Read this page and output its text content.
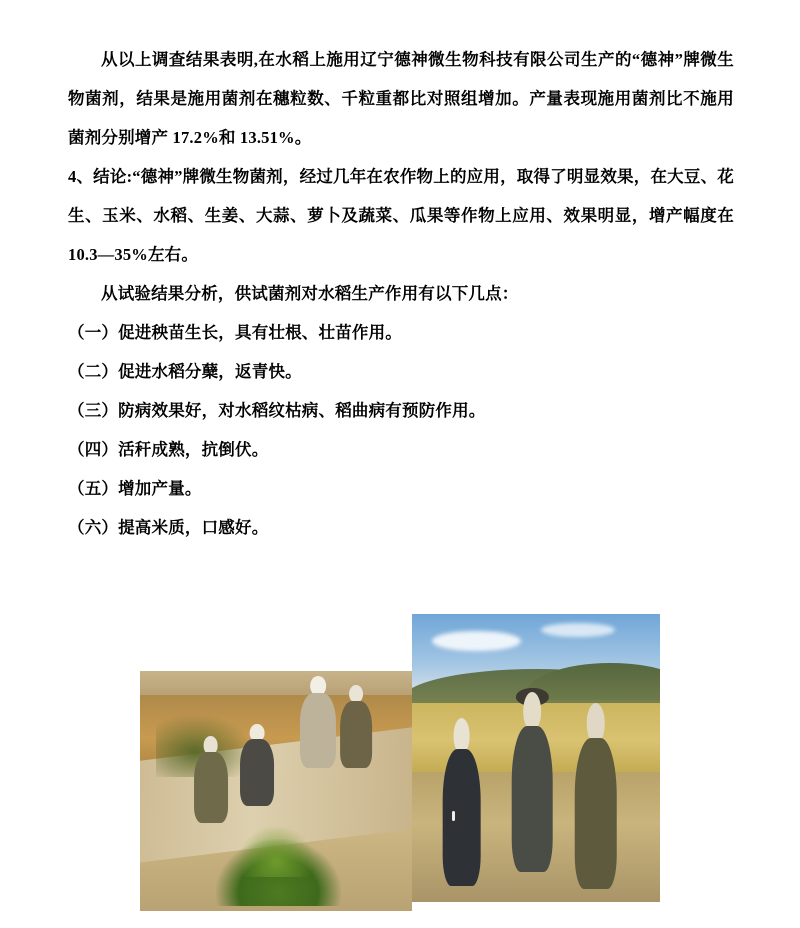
从以上调查结果表明,在水稻上施用辽宁德神微生物科技有限公司生产的“德神”牌微生物菌剂，结果是施用菌剂在穗粒数、千粒重都比对照组增加。产量表现施用菌剂比不施用菌剂分别增产 17.2%和 13.51%。

4、结论:“德神”牌微生物菌剂，经过几年在农作物上的应用，取得了明显效果，在大豆、花生、玉米、水稻、生姜、大蒜、萝卜及蔬菜、瓜果等作物上应用、效果明显，增产幅度在 10.3—35%左右。

从试验结果分析，供试菌剂对水稻生产作用有以下几点：

（一）促进秧苗生长，具有壮根、壮苗作用。

（二）促进水稻分蘖，返青快。

（三）防病效果好，对水稻纹枯病、稻曲病有预防作用。

（四）活秆成熟，抗倒伏。

（五）增加产量。

（六）提高米质，口感好。
